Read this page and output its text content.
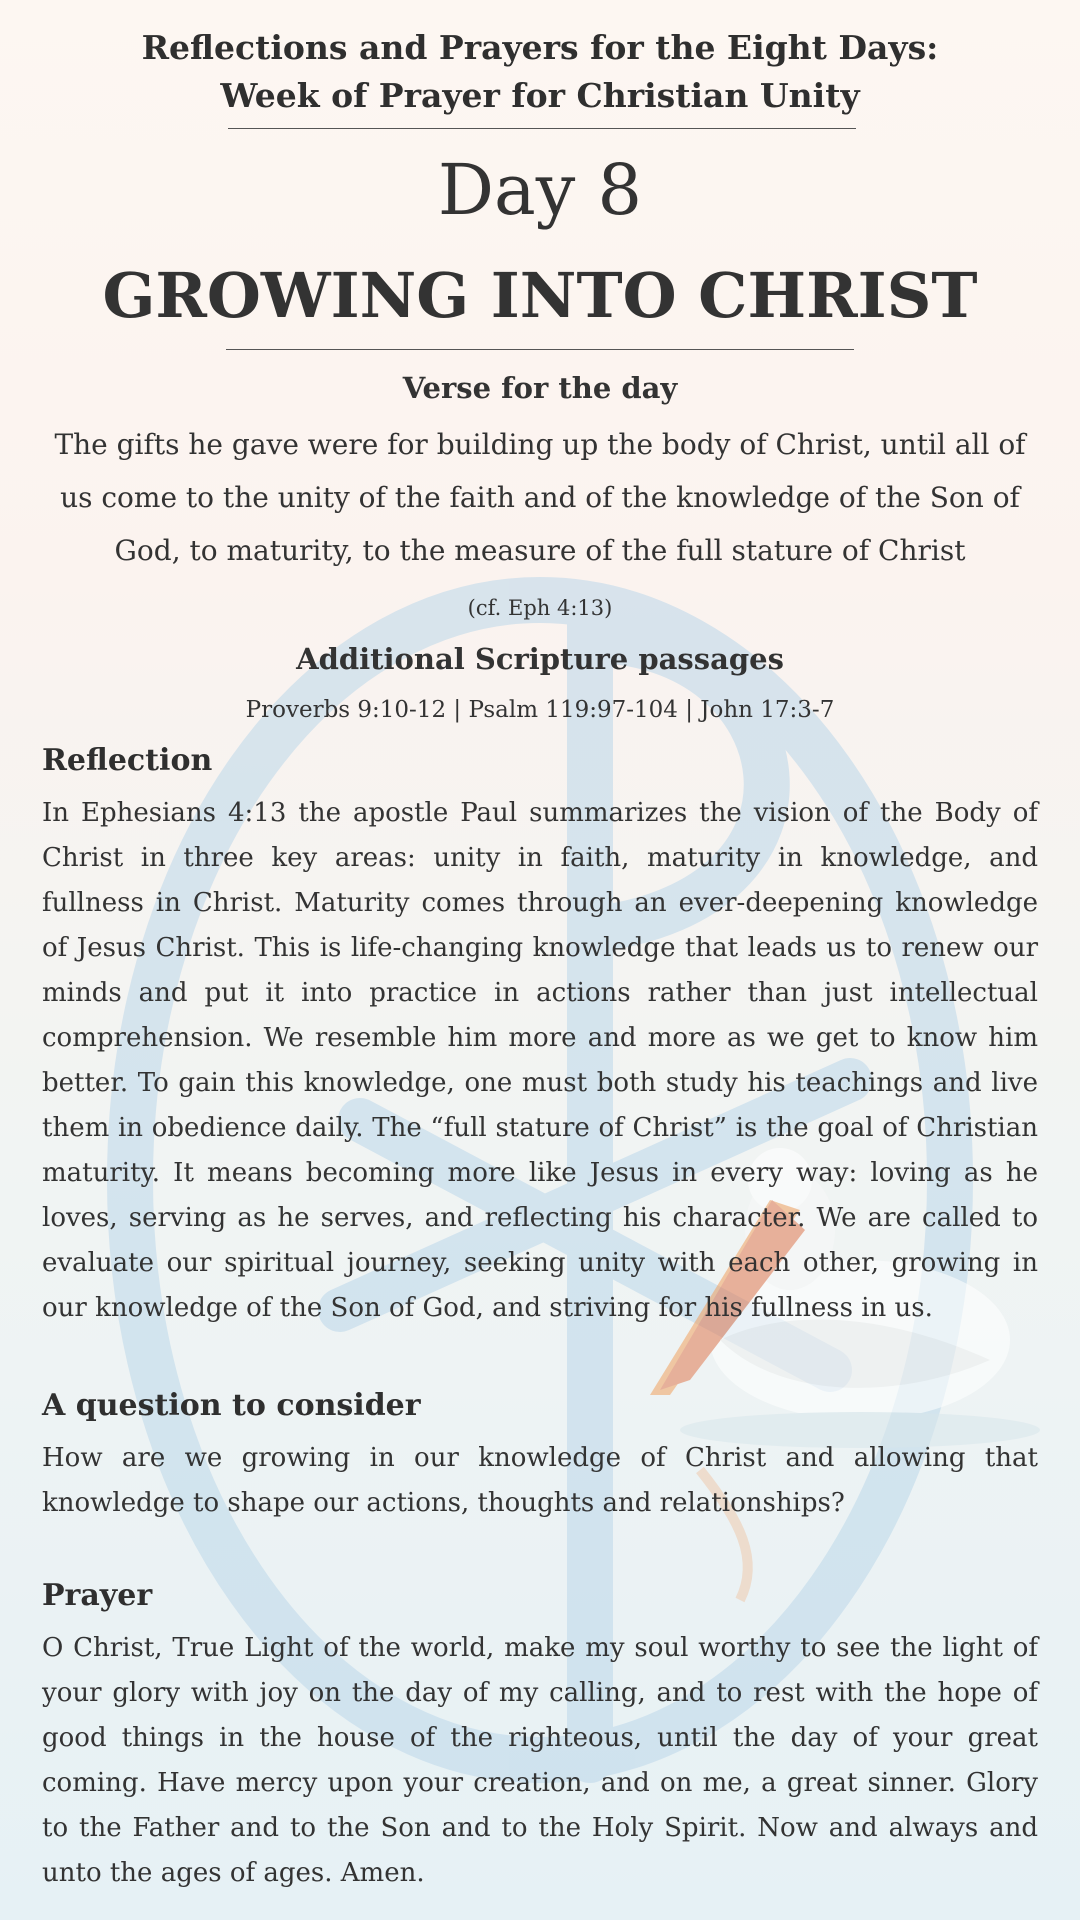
Reflections and Prayers for the Eight Days:
Week of Prayer for Christian Unity
Day 8
GROWING INTO CHRIST
Verse for the day
The gifts he gave were for building up the body of Christ, until all of us come to the unity of the faith and of the knowledge of the Son of God, to maturity, to the measure of the full stature of Christ
(cf. Eph 4:13)
Additional Scripture passages
Proverbs 9:10-12 | Psalm 119:97-104 | John 17:3-7
Reflection
In Ephesians 4:13 the apostle Paul summarizes the vision of the Body of Christ in three key areas: unity in faith, maturity in knowledge, and fullness in Christ. Maturity comes through an ever-deepening knowledge of Jesus Christ. This is life-changing knowledge that leads us to renew our minds and put it into practice in actions rather than just intellectual comprehension. We resemble him more and more as we get to know him better. To gain this knowledge, one must both study his teachings and live them in obedience daily. The “full stature of Christ” is the goal of Christian maturity. It means becoming more like Jesus in every way: loving as he loves, serving as he serves, and reflecting his character. We are called to evaluate our spiritual journey, seeking unity with each other, growing in our knowledge of the Son of God, and striving for his fullness in us.
A question to consider
How are we growing in our knowledge of Christ and allowing that knowledge to shape our actions, thoughts and relationships?
Prayer
O Christ, True Light of the world, make my soul worthy to see the light of your glory with joy on the day of my calling, and to rest with the hope of good things in the house of the righteous, until the day of your great coming. Have mercy upon your creation, and on me, a great sinner. Glory to the Father and to the Son and to the Holy Spirit. Now and always and unto the ages of ages. Amen.
